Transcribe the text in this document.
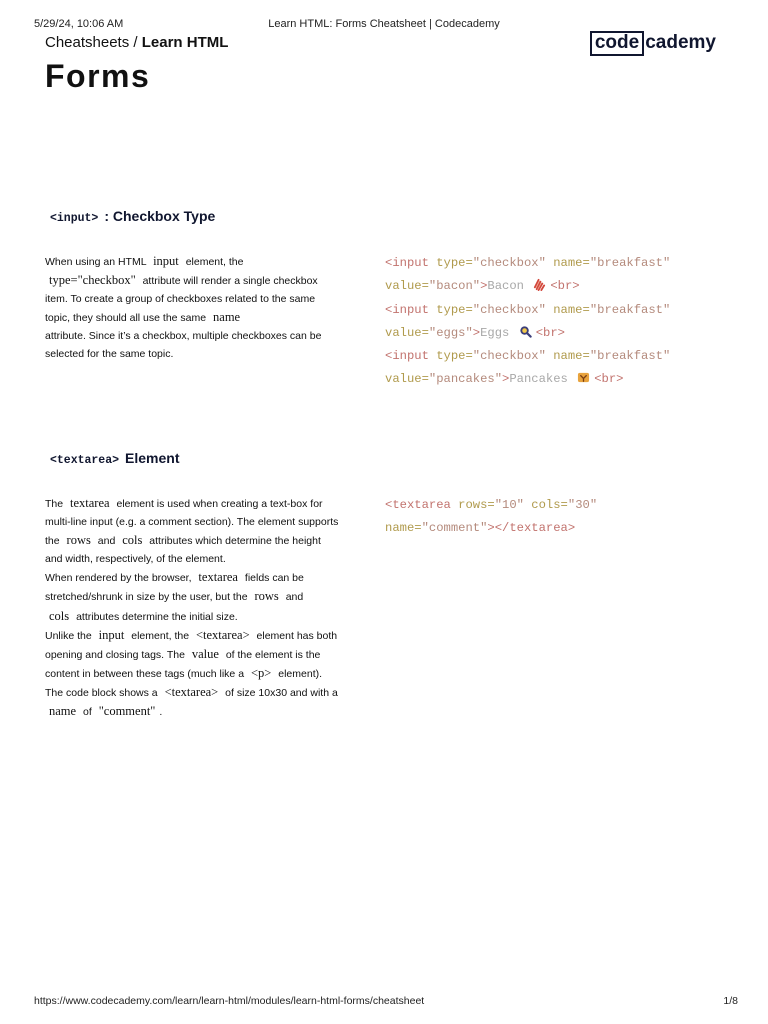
5/29/24, 10:06 AM	Learn HTML: Forms Cheatsheet | Codecademy
Cheatsheets / Learn HTML	code cademy
Forms
<input> : Checkbox Type

When using an HTML input element, the
type="checkbox" attribute will render a single checkbox item. To create a group of checkboxes related to the same topic, they should all use the same name
attribute. Since it’s a checkbox, multiple checkboxes can be selected for the same topic.

<input type="checkbox" name="breakfast"
value="bacon">Bacon <br>
<input type="checkbox" name="breakfast"
value="eggs">Eggs <br>
<input type="checkbox" name="breakfast"
value="pancakes">Pancakes <br>
<textarea> Element

The textarea element is used when creating a text-box for multi-line input (e.g. a comment section). The element supports the rows and cols attributes which determine the height and width, respectively, of the element.

When rendered by the browser, textarea fields can be stretched/shrunk in size by the user, but the rows and
cols attributes determine the initial size.

Unlike the input element, the <textarea> element has both opening and closing tags. The value of the element is the content in between these tags (much like a <p> element). The code block shows a <textarea> of size 10x30 and with a name of "comment" .

<textarea rows="10" cols="30"
name="comment"></textarea>
https://www.codecademy.com/learn/learn-html/modules/learn-html-forms/cheatsheet	1/8
